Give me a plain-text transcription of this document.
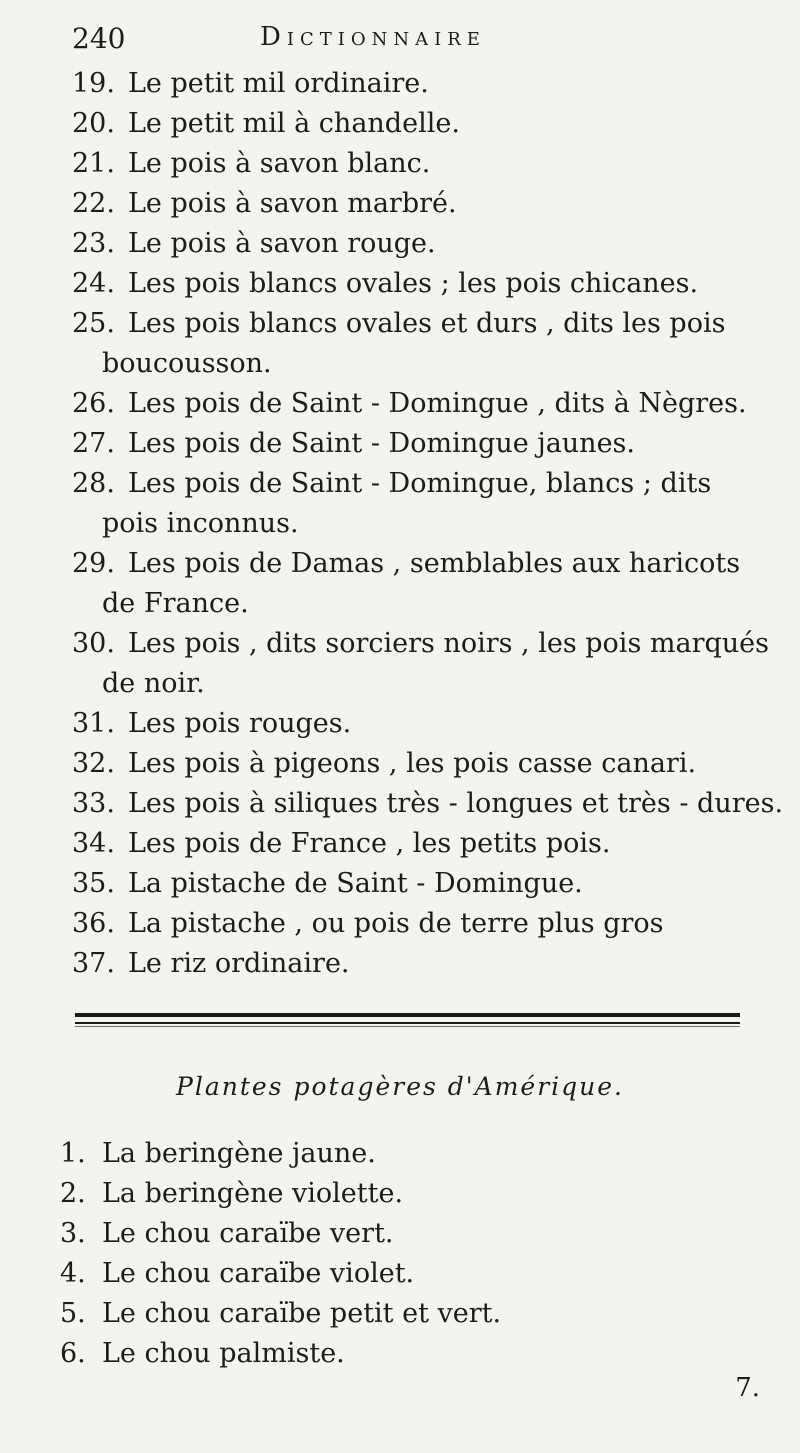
240	Dictionnaire
19. Le petit mil ordinaire.
20. Le petit mil à chandelle.
21. Le pois à savon blanc.
22. Le pois à savon marbré.
23. Le pois à savon rouge.
24. Les pois blancs ovales ; les pois chicanes.
25. Les pois blancs ovales et durs , dits les pois
boucousson.
26. Les pois de Saint - Domingue , dits à Nègres.
27. Les pois de Saint - Domingue jaunes.
28. Les pois de Saint - Domingue, blancs ; dits
pois inconnus.
29. Les pois de Damas , semblables aux haricots
de France.
30. Les pois , dits sorciers noirs , les pois marqués
de noir.
31. Les pois rouges.
32. Les pois à pigeons , les pois casse canari.
33. Les pois à siliques très - longues et très - dures.
34. Les pois de France , les petits pois.
35. La pistache de Saint - Domingue.
36. La pistache , ou pois de terre plus gros
37. Le riz ordinaire.
Plantes potagères d'Amérique.
1. La beringène jaune.
2. La beringène violette.
3. Le chou caraïbe vert.
4. Le chou caraïbe violet.
5. Le chou caraïbe petit et vert.
6. Le chou palmiste.
7.
